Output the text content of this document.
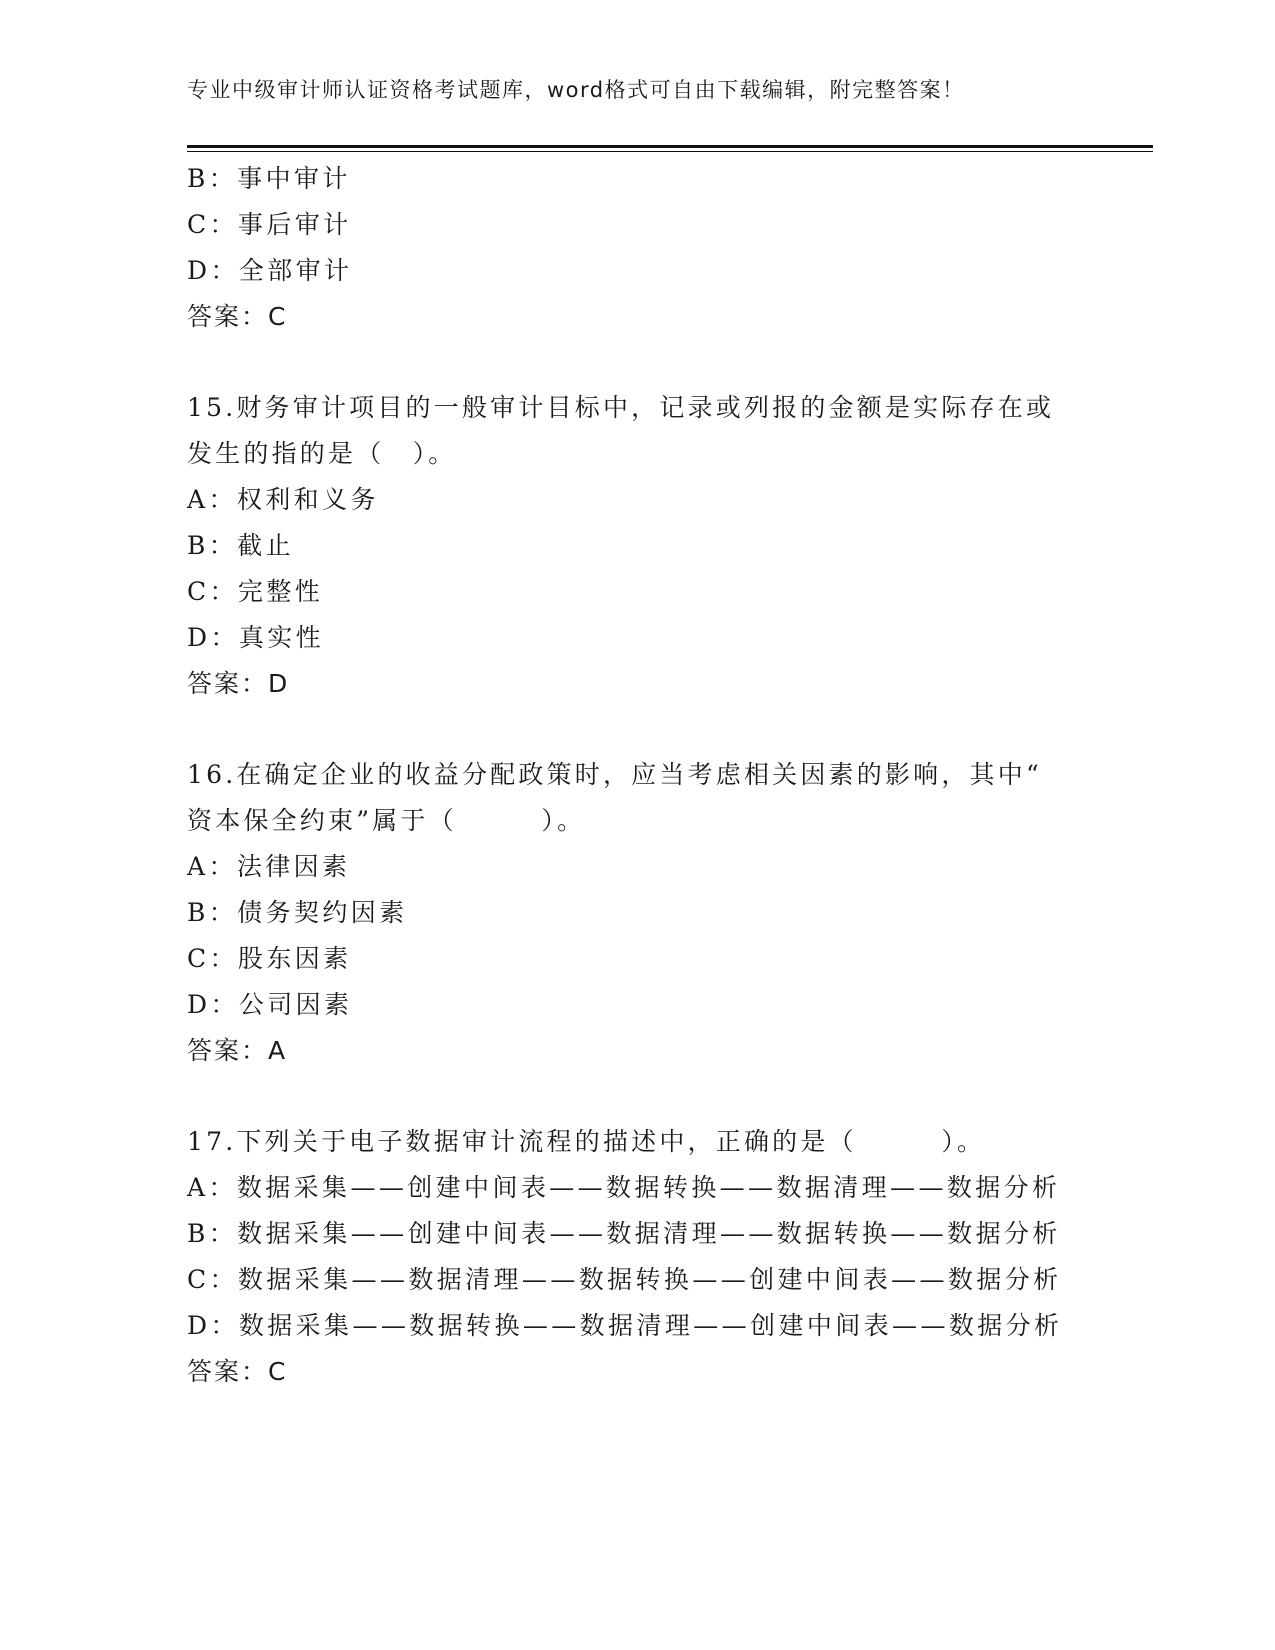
专业中级审计师认证资格考试题库，word格式可自由下载编辑，附完整答案！
B：事中审计
C：事后审计
D：全部审计
答案：C
15.财务审计项目的一般审计目标中，记录或列报的金额是实际存在或
发生的指的是（　）。
A：权利和义务
B：截止
C：完整性
D：真实性
答案：D
16.在确定企业的收益分配政策时，应当考虑相关因素的影响，其中“
资本保全约束”属于（　　　）。
A：法律因素
B：债务契约因素
C：股东因素
D：公司因素
答案：A
17.下列关于电子数据审计流程的描述中，正确的是（　　　）。
A：数据采集——创建中间表——数据转换——数据清理——数据分析
B：数据采集——创建中间表——数据清理——数据转换——数据分析
C：数据采集——数据清理——数据转换——创建中间表——数据分析
D：数据采集——数据转换——数据清理——创建中间表——数据分析
答案：C
